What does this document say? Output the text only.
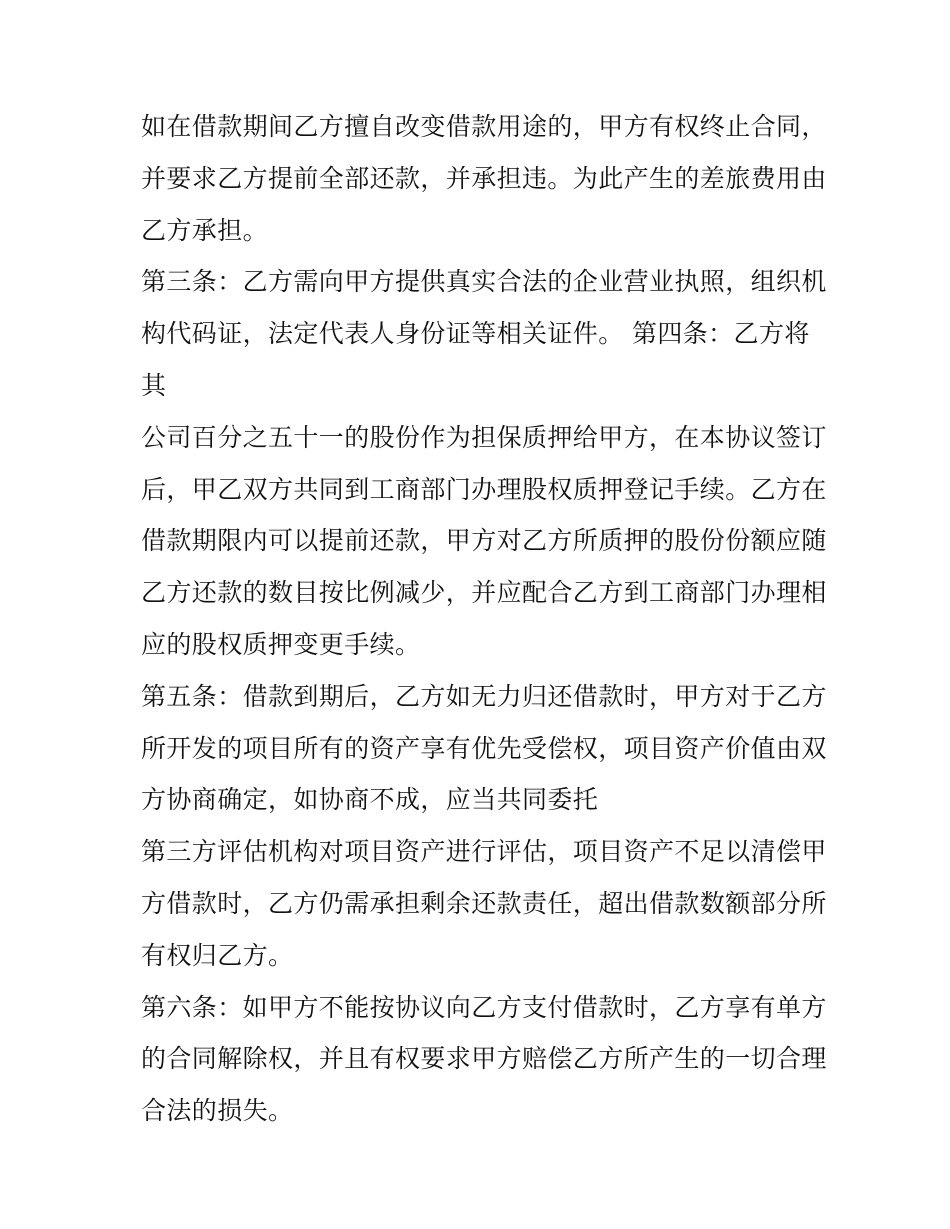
如在借款期间乙方擅自改变借款用途的，甲方有权终止合同，
并要求乙方提前全部还款，并承担违。为此产生的差旅费用由
乙方承担。
第三条：乙方需向甲方提供真实合法的企业营业执照，组织机
构代码证，法定代表人身份证等相关证件。 第四条：乙方将
其
公司百分之五十一的股份作为担保质押给甲方，在本协议签订
后，甲乙双方共同到工商部门办理股权质押登记手续。乙方在
借款期限内可以提前还款，甲方对乙方所质押的股份份额应随
乙方还款的数目按比例减少，并应配合乙方到工商部门办理相
应的股权质押变更手续。
第五条：借款到期后，乙方如无力归还借款时，甲方对于乙方
所开发的项目所有的资产享有优先受偿权，项目资产价值由双
方协商确定，如协商不成，应当共同委托
第三方评估机构对项目资产进行评估，项目资产不足以清偿甲
方借款时，乙方仍需承担剩余还款责任，超出借款数额部分所
有权归乙方。
第六条：如甲方不能按协议向乙方支付借款时，乙方享有单方
的合同解除权，并且有权要求甲方赔偿乙方所产生的一切合理
合法的损失。
